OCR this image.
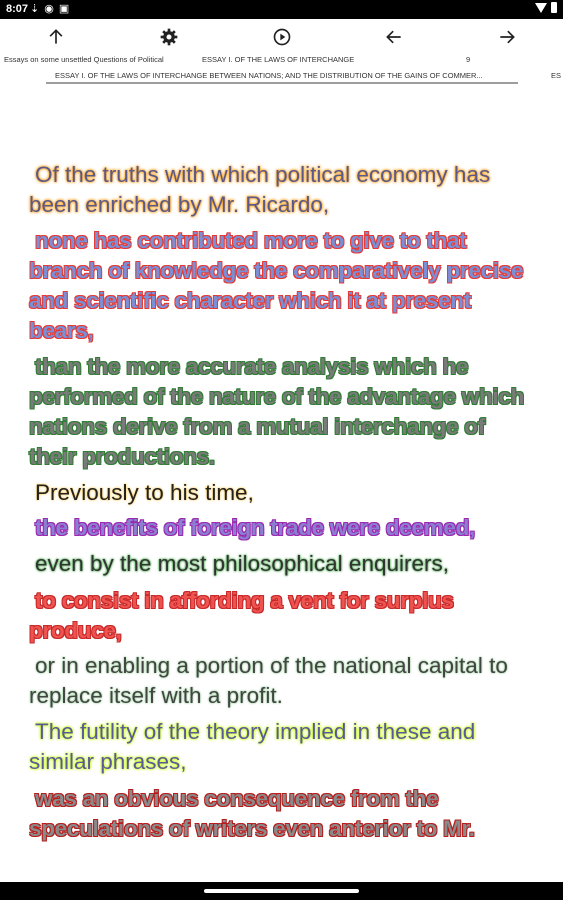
8:07 ⇣ ◉ ▣
Essays on some unsettled Questions of Political	ESSAY I. OF THE LAWS OF INTERCHANGE	9
ESSAY I. OF THE LAWS OF INTERCHANGE BETWEEN NATIONS; AND THE DISTRIBUTION OF THE GAINS OF COMMER...	ES

Of the truths with which political economy has been enriched by Mr. Ricardo,

none has contributed more to give to that branch of knowledge the comparatively precise and scientific character which it at present bears,

than the more accurate analysis which he performed of the nature of the advantage which nations derive from a mutual interchange of their productions.

Previously to his time,

the benefits of foreign trade were deemed,

even by the most philosophical enquirers,

to consist in affording a vent for surplus produce,

or in enabling a portion of the national capital to replace itself with a profit.

The futility of the theory implied in these and similar phrases,

was an obvious consequence from the speculations of writers even anterior to Mr.
